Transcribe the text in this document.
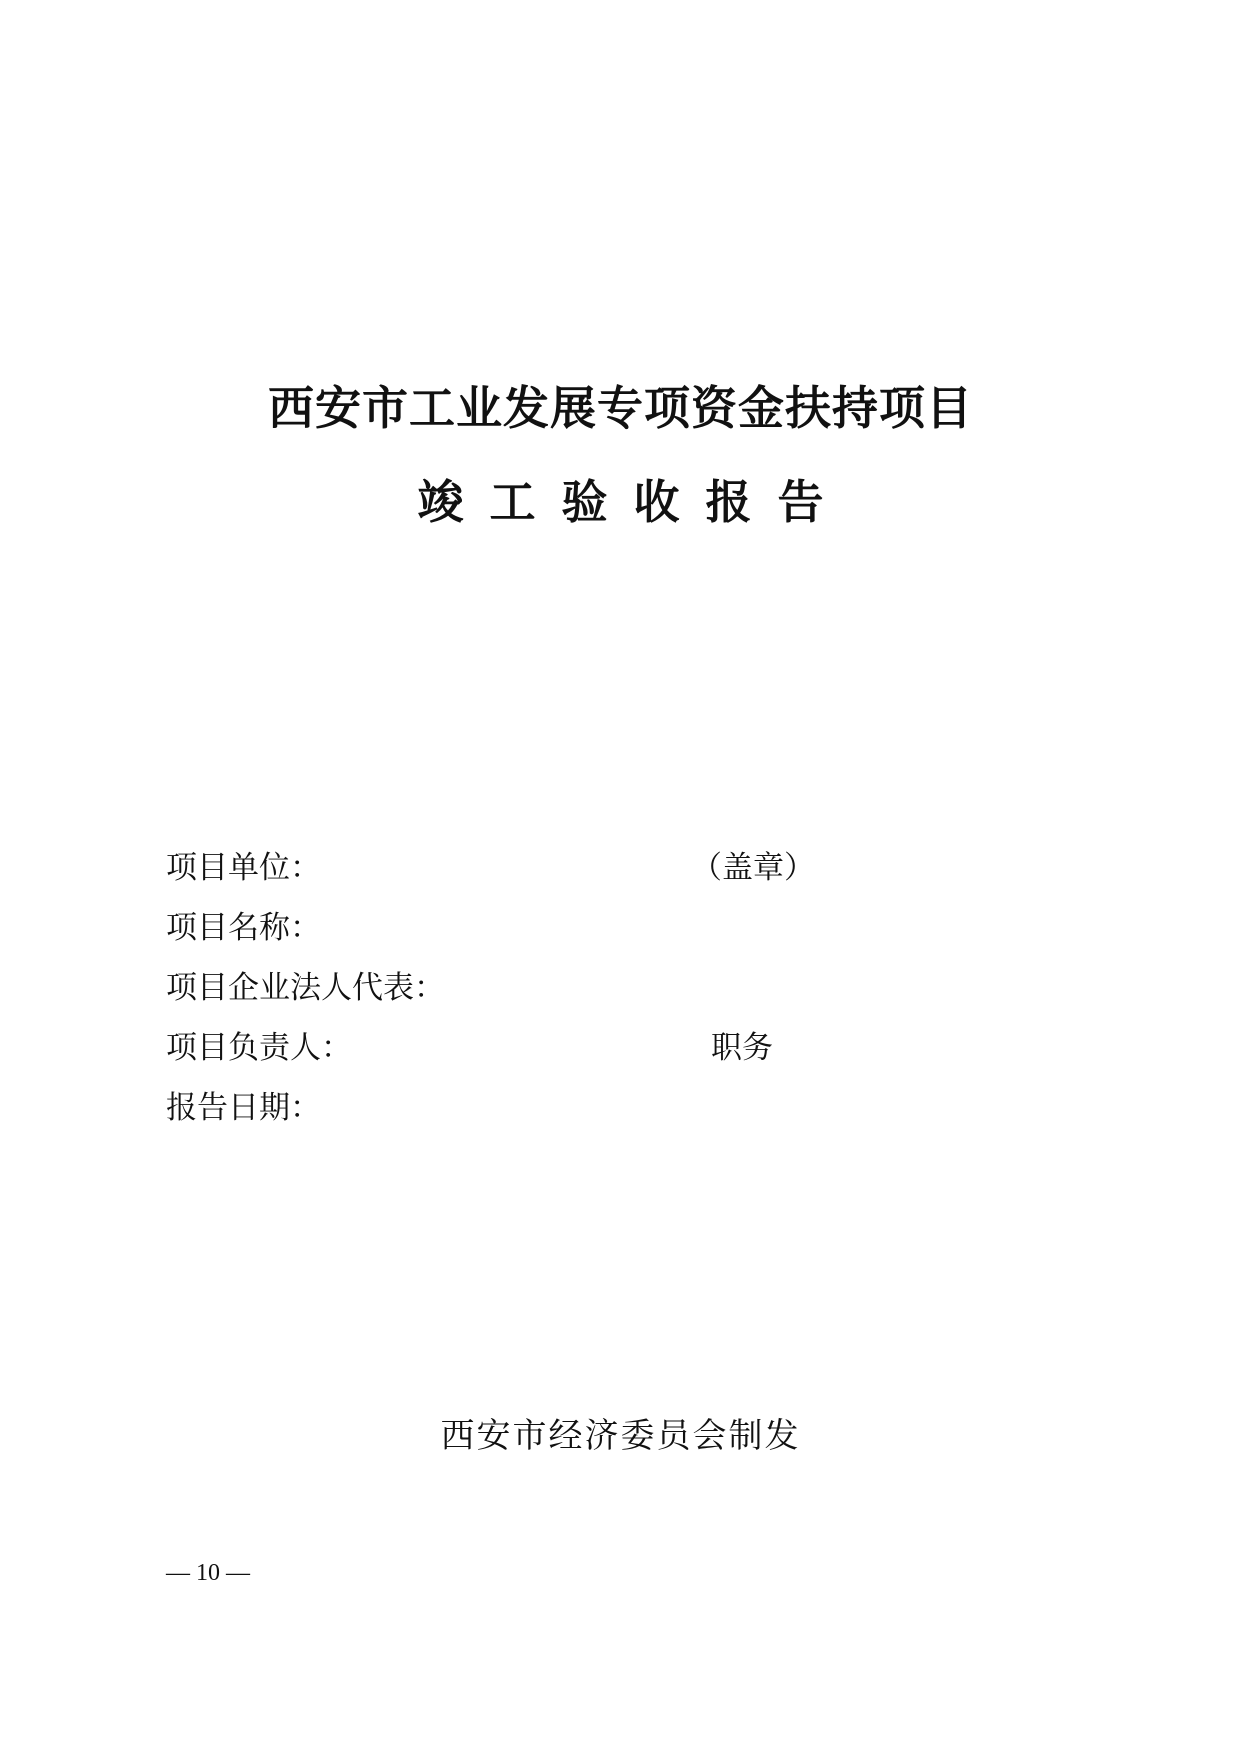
西安市工业发展专项资金扶持项目
竣工验收报告
项目单位：	（盖章）
项目名称：
项目企业法人代表：
项目负责人：	职务
报告日期：
西安市经济委员会制发
— 10 —
